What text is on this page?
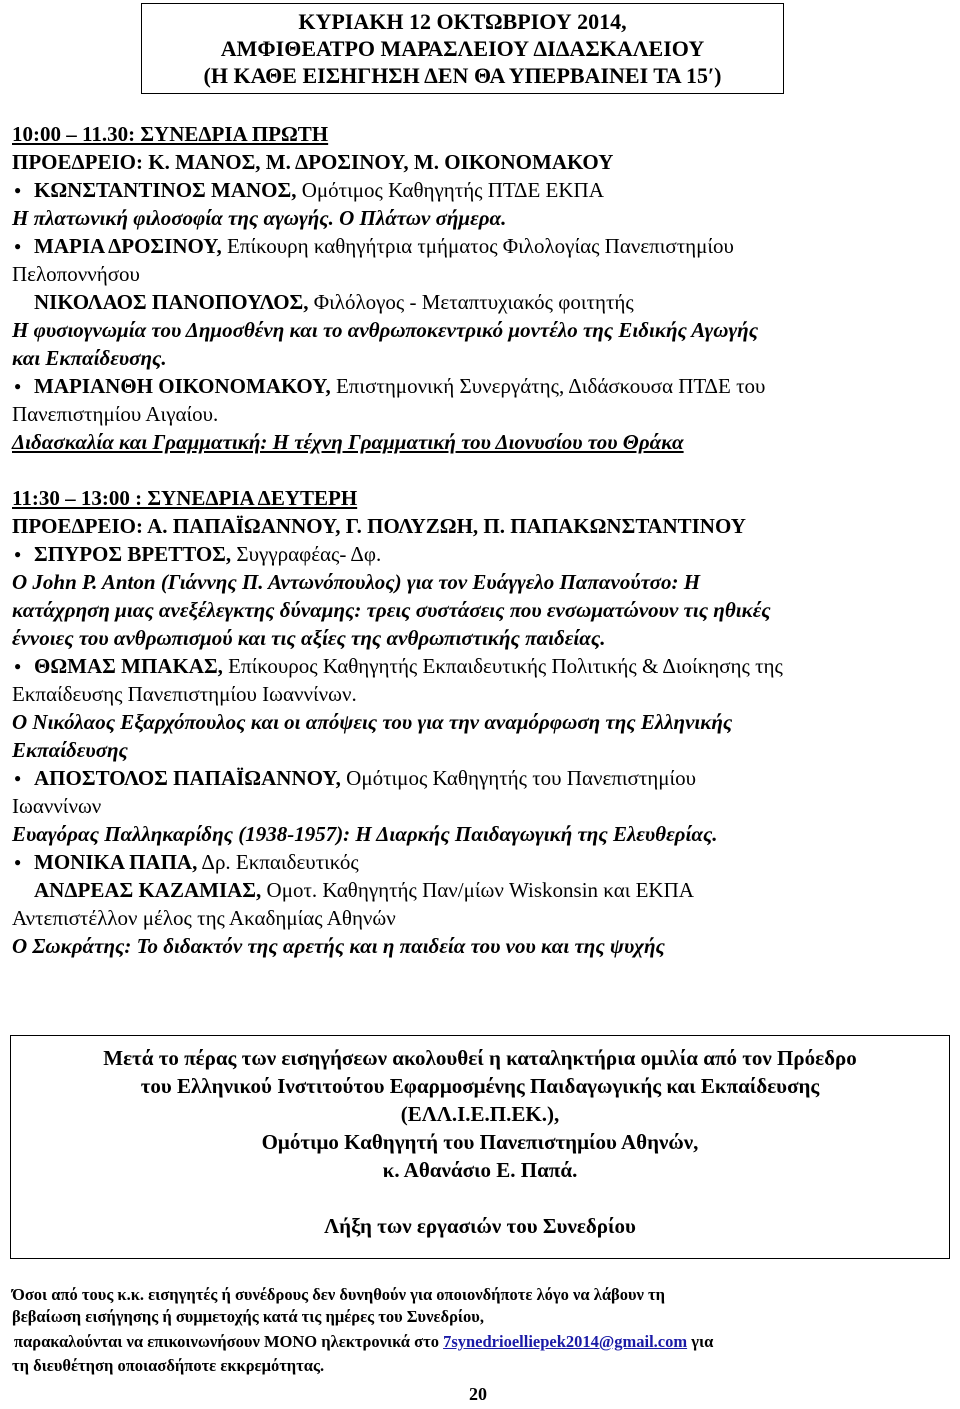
ΚΥΡΙΑΚΗ 12 ΟΚΤΩΒΡΙΟΥ 2014,
ΑΜΦΙΘΕΑΤΡΟ ΜΑΡΑΣΛΕΙΟΥ ΔΙΔΑΣΚΑΛΕΙΟΥ
(Η ΚΑΘΕ ΕΙΣΗΓΗΣΗ ΔΕΝ ΘΑ ΥΠΕΡΒΑΙΝΕΙ ΤΑ 15′)
10:00 – 11.30: ΣΥΝΕΔΡΙΑ ΠΡΩΤΗ
ΠΡΟΕΔΡΕΙΟ: Κ. ΜΑΝΟΣ, Μ. ΔΡΟΣΙΝΟΥ, Μ. ΟΙΚΟΝΟΜΑΚΟΥ
● ΚΩΝΣΤΑΝΤΙΝΟΣ ΜΑΝΟΣ, Ομότιμος Καθηγητής ΠΤΔΕ ΕΚΠΑ
Η πλατωνική φιλοσοφία της αγωγής. Ο Πλάτων σήμερα.
● ΜΑΡΙΑ ΔΡΟΣΙΝΟΥ, Επίκουρη καθηγήτρια τμήματος Φιλολογίας Πανεπιστημίου
Πελοποννήσου
ΝΙΚΟΛΑΟΣ ΠΑΝΟΠΟΥΛΟΣ, Φιλόλογος - Μεταπτυχιακός φοιτητής
Η φυσιογνωμία του Δημοσθένη και το ανθρωποκεντρικό μοντέλο της Ειδικής Αγωγής
και Εκπαίδευσης.
● ΜΑΡΙΑΝΘΗ ΟΙΚΟΝΟΜΑΚΟΥ, Επιστημονική Συνεργάτης, Διδάσκουσα ΠΤΔΕ του
Πανεπιστημίου Αιγαίου.
Διδασκαλία και Γραμματική: Η τέχνη Γραμματική του Διονυσίου του Θράκα
11:30 – 13:00 : ΣΥΝΕΔΡΙΑ ΔΕΥΤΕΡΗ
ΠΡΟΕΔΡΕΙΟ: Α. ΠΑΠΑΪΩΑΝΝΟΥ, Γ. ΠΟΛΥΖΩΗ, Π. ΠΑΠΑΚΩΝΣΤΑΝΤΙΝΟΥ
● ΣΠΥΡΟΣ ΒΡΕΤΤΟΣ, Συγγραφέας- Δφ.
Ο John P. Anton (Γιάννης Π. Αντωνόπουλος) για τον Ευάγγελο Παπανούτσο: Η
κατάχρηση μιας ανεξέλεγκτης δύναμης: τρεις συστάσεις που ενσωματώνουν τις ηθικές
έννοιες του ανθρωπισμού και τις αξίες της ανθρωπιστικής παιδείας.
● ΘΩΜΑΣ ΜΠΑΚΑΣ, Επίκουρος Καθηγητής Εκπαιδευτικής Πολιτικής & Διοίκησης της
Εκπαίδευσης Πανεπιστημίου Ιωαννίνων.
Ο Νικόλαος Εξαρχόπουλος και οι απόψεις του για την αναμόρφωση της Ελληνικής
Εκπαίδευσης
● ΑΠΟΣΤΟΛΟΣ ΠΑΠΑΪΩΑΝΝΟΥ, Ομότιμος Καθηγητής του Πανεπιστημίου
Ιωαννίνων
Ευαγόρας Παλληκαρίδης (1938-1957): Η Διαρκής Παιδαγωγική της Ελευθερίας.
● ΜΟΝΙΚΑ ΠΑΠΑ, Δρ. Εκπαιδευτικός
ΑΝΔΡΕΑΣ ΚΑΖΑΜΙΑΣ, Ομοτ. Καθηγητής Παν/μίων Wiskonsin και ΕΚΠΑ
Αντεπιστέλλον μέλος της Ακαδημίας Αθηνών
Ο Σωκράτης: Το διδακτόν της αρετής και η παιδεία του νου και της ψυχής
Μετά το πέρας των εισηγήσεων ακολουθεί η καταληκτήρια ομιλία από τον Πρόεδρο
του Ελληνικού Ινστιτούτου Εφαρμοσμένης Παιδαγωγικής και Εκπαίδευσης
(ΕΛΛ.Ι.Ε.Π.ΕΚ.),
Ομότιμο Καθηγητή του Πανεπιστημίου Αθηνών,
κ. Αθανάσιο Ε. Παπά.
Λήξη των εργασιών του Συνεδρίου
Όσοι από τους κ.κ. εισηγητές ή συνέδρους δεν δυνηθούν για οποιονδήποτε λόγο να λάβουν τη
βεβαίωση εισήγησης ή συμμετοχής κατά τις ημέρες του Συνεδρίου,
παρακαλούνται να επικοινωνήσουν ΜΟΝΟ ηλεκτρονικά στο 7synedrioelliepek2014@gmail.com για
τη διευθέτηση οποιασδήποτε εκκρεμότητας.
20
